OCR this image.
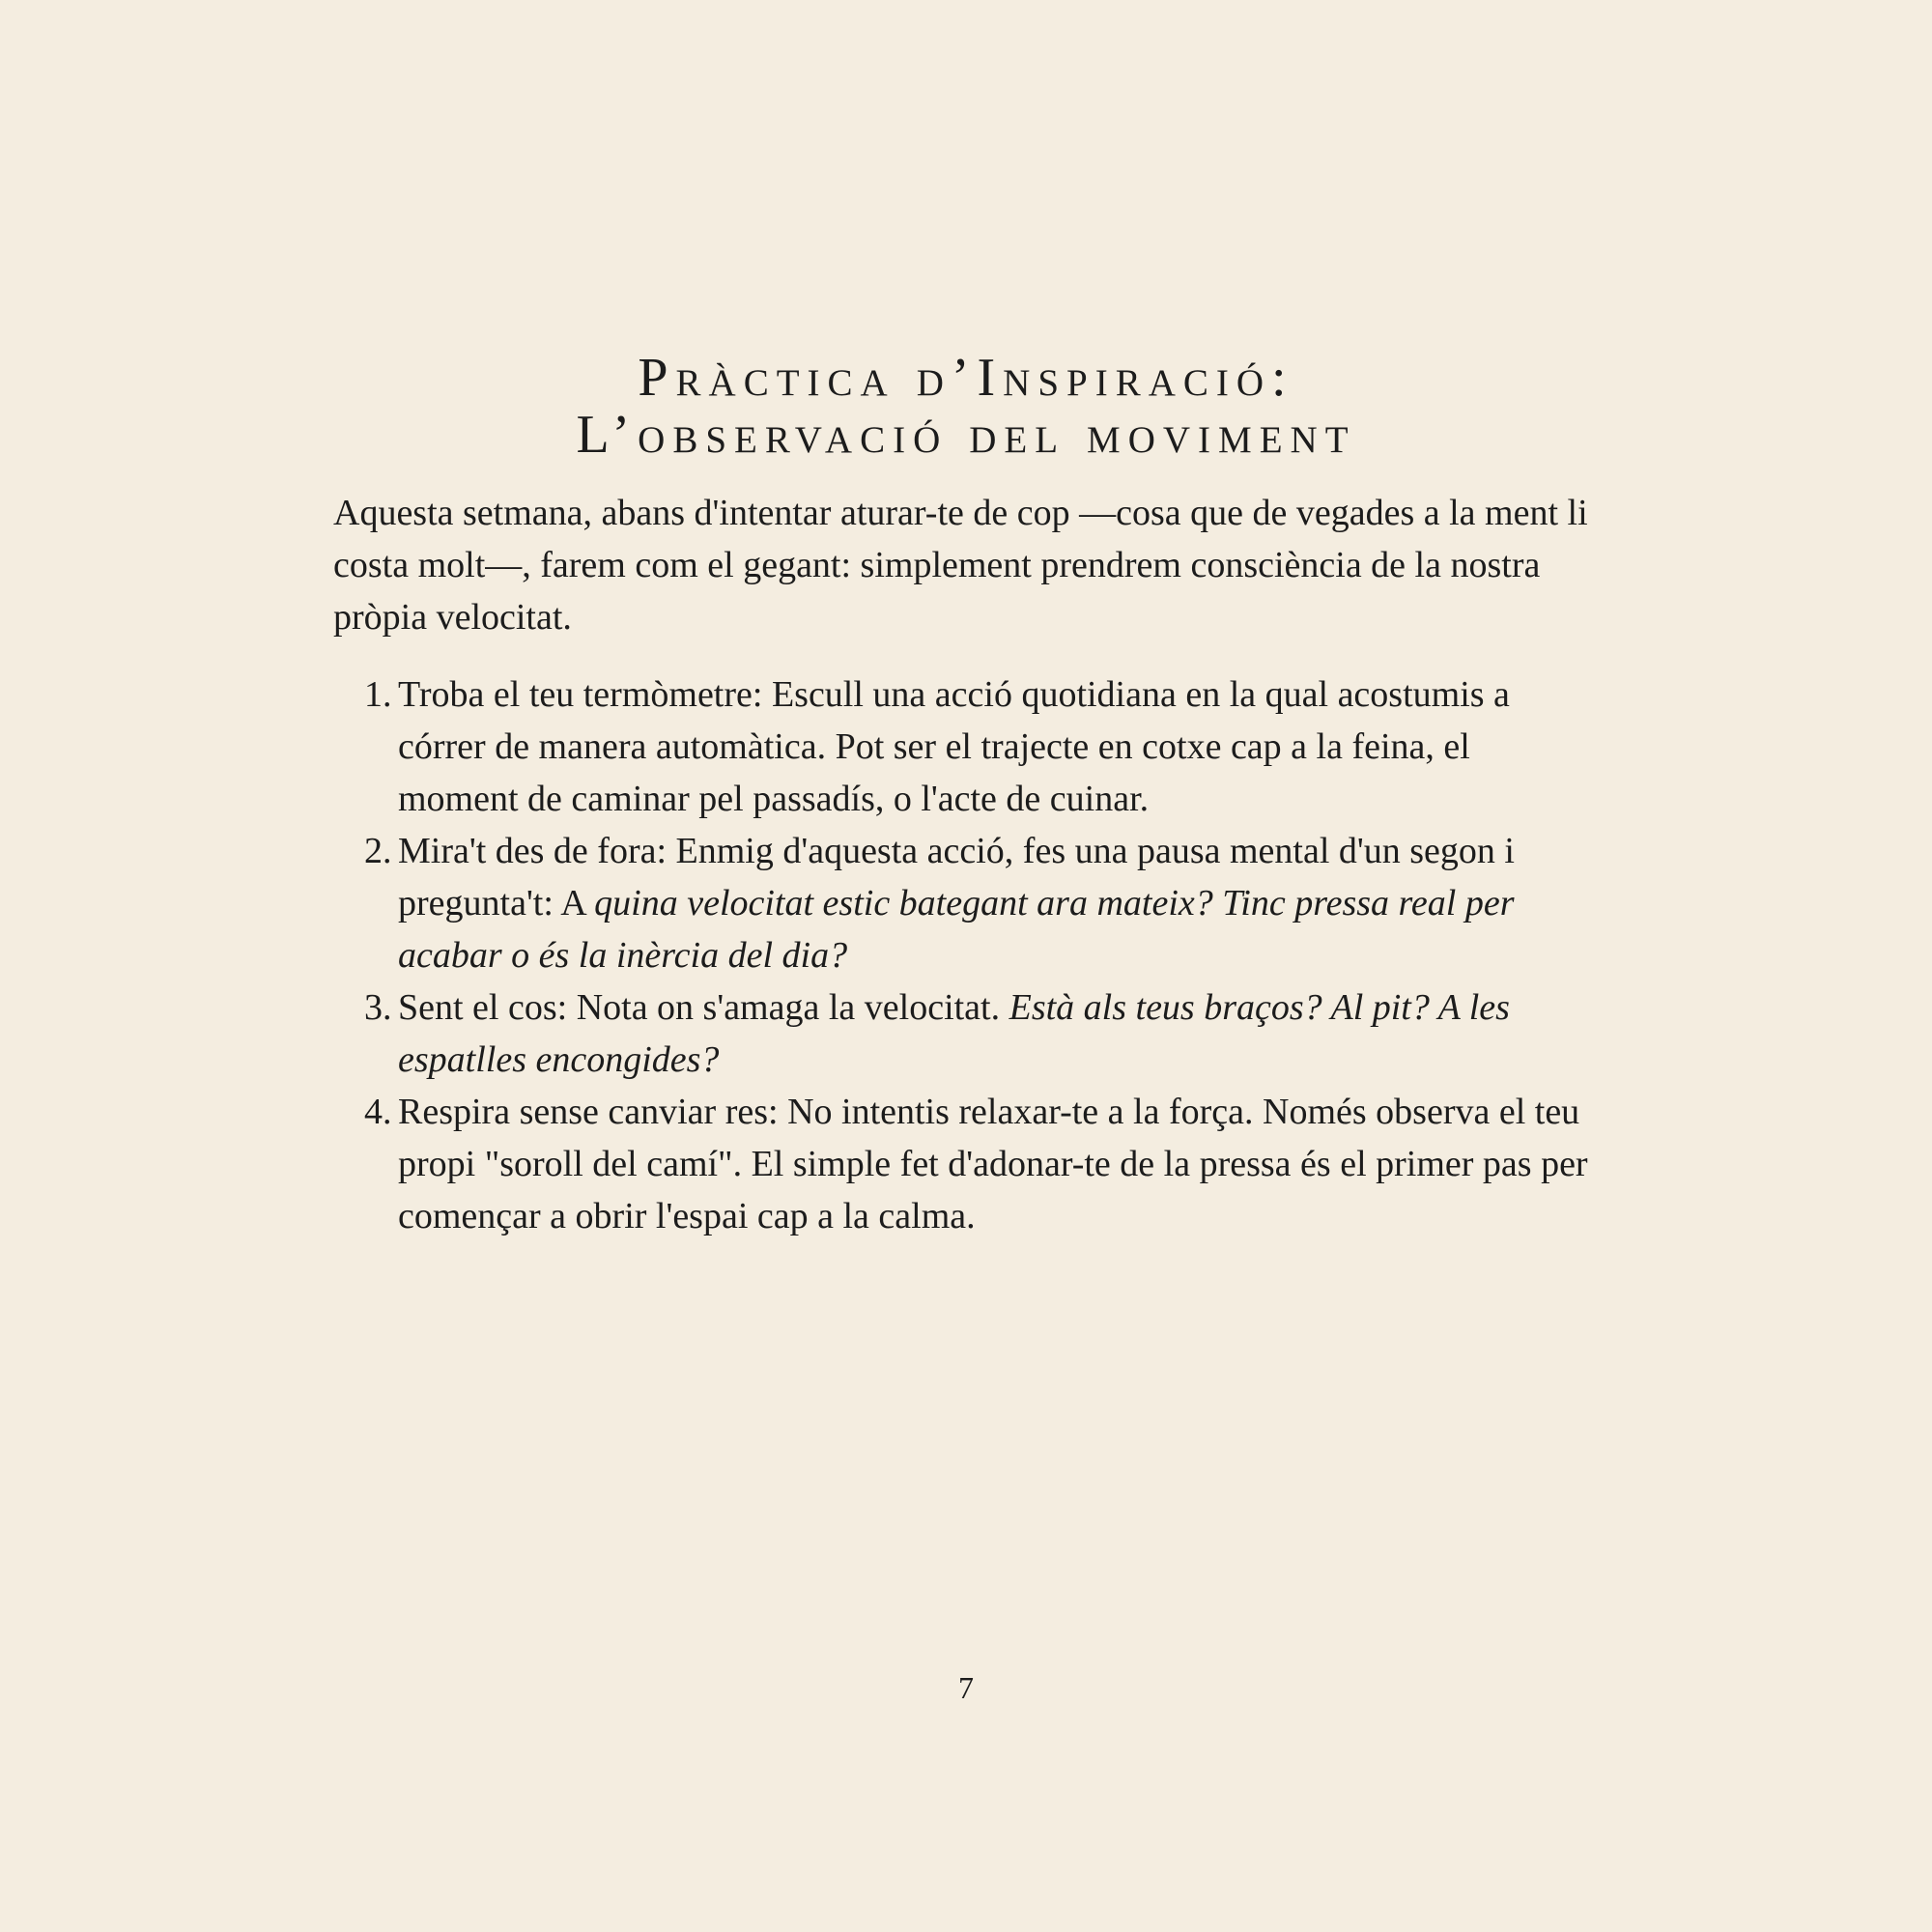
Pràctica d’Inspiració:
L’observació del moviment

Aquesta setmana, abans d'intentar aturar-te de cop —cosa que de vegades a la ment li costa molt—, farem com el gegant: simplement prendrem consciència de la nostra pròpia velocitat.

1. Troba el teu termòmetre: Escull una acció quotidiana en la qual acostumis a córrer de manera automàtica. Pot ser el trajecte en cotxe cap a la feina, el moment de caminar pel passadís, o l'acte de cuinar.
2. Mira't des de fora: Enmig d'aquesta acció, fes una pausa mental d'un segon i pregunta't: A quina velocitat estic bategant ara mateix? Tinc pressa real per acabar o és la inèrcia del dia?
3. Sent el cos: Nota on s'amaga la velocitat. Està als teus braços? Al pit? A les espatlles encongides?
4. Respira sense canviar res: No intentis relaxar-te a la força. Només observa el teu propi "soroll del camí". El simple fet d'adonar-te de la pressa és el primer pas per començar a obrir l'espai cap a la calma.
7
